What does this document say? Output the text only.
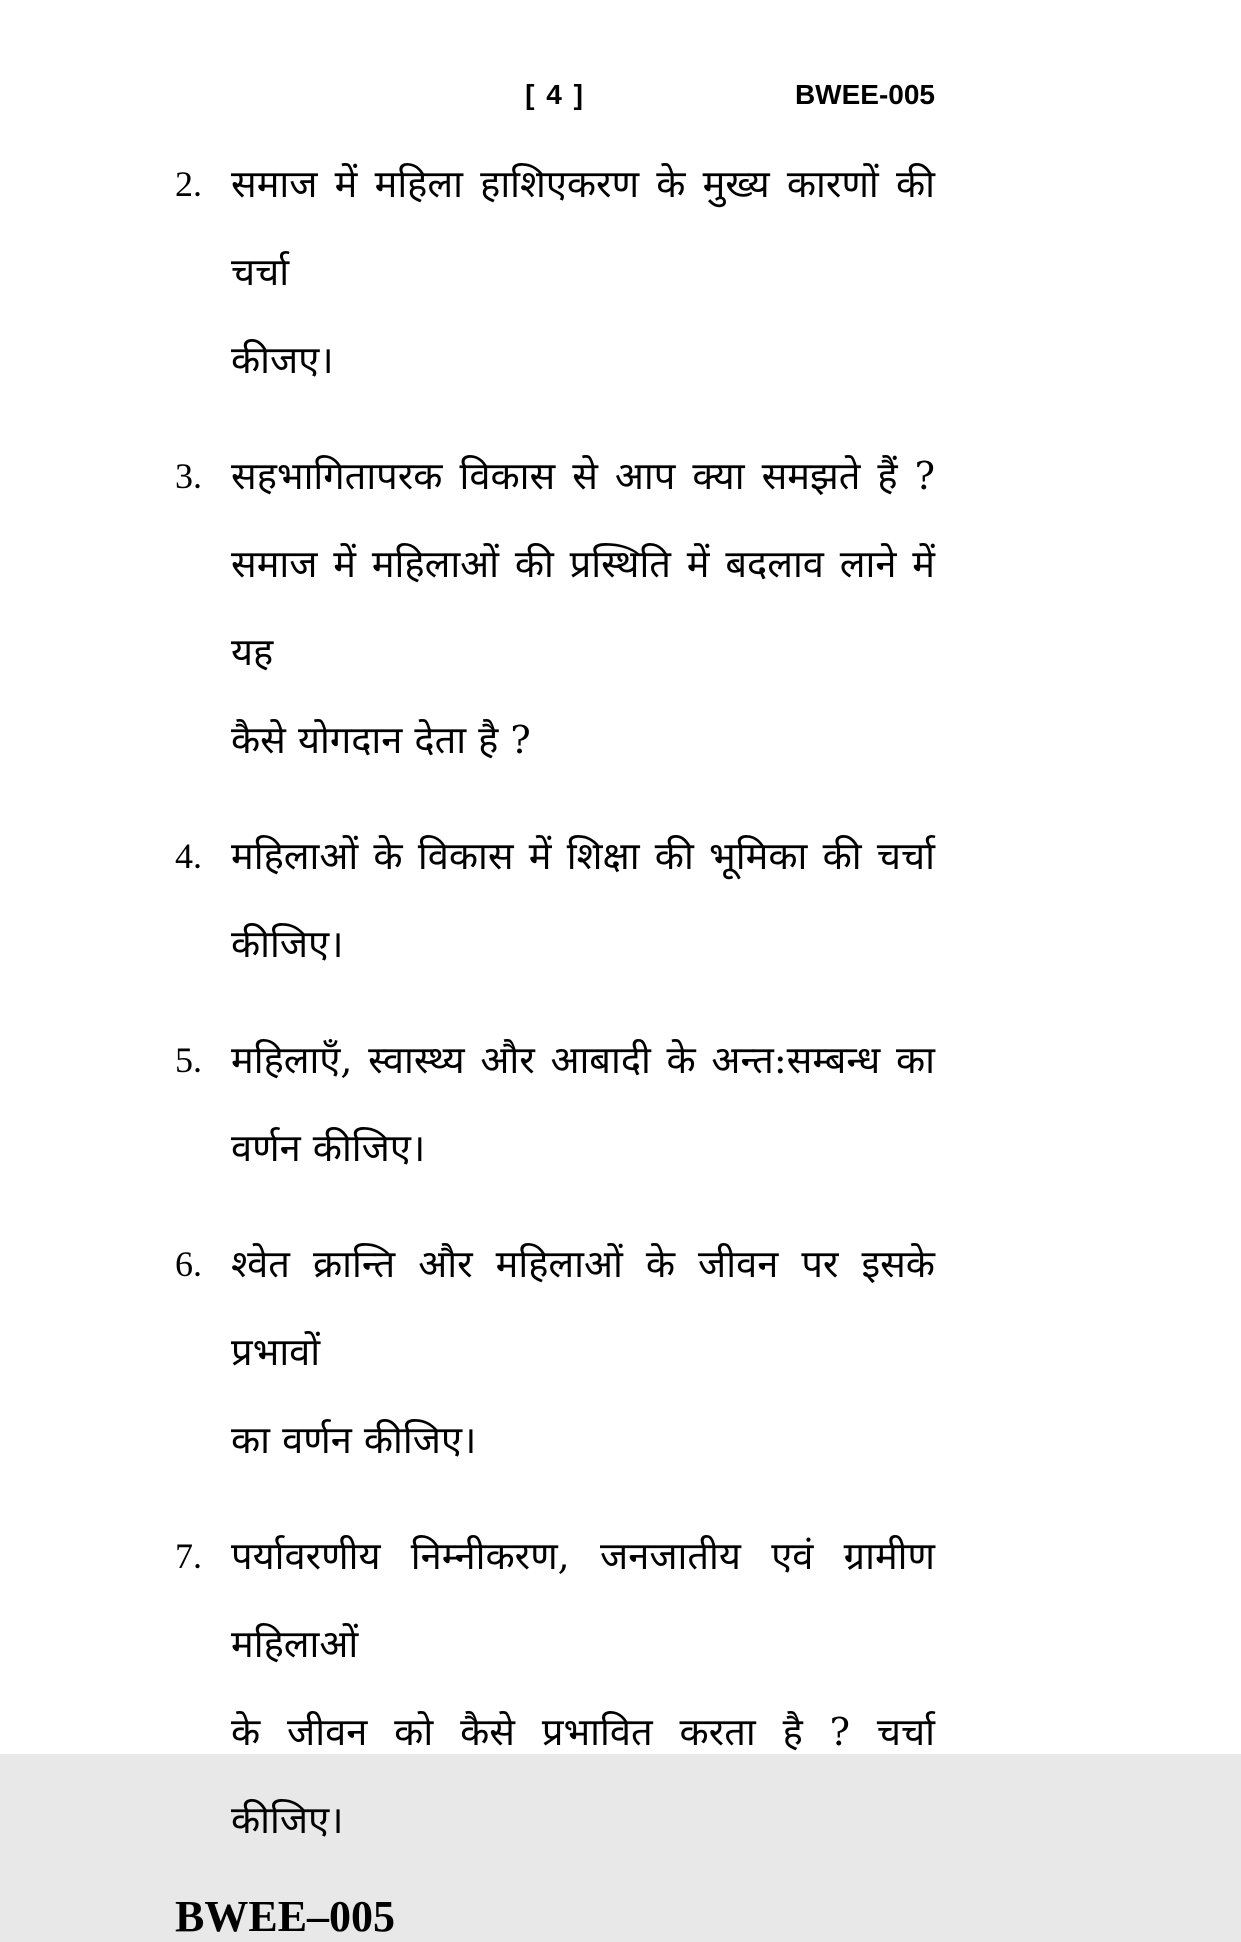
[ 4 ]	BWEE-005
2. समाज में महिला हाशिएकरण के मुख्य कारणों की चर्चा
कीजए।
3. सहभागितापरक विकास से आप क्या समझते हैं ?
समाज में महिलाओं की प्रस्थिति में बदलाव लाने में यह
कैसे योगदान देता है ?
4. महिलाओं के विकास में शिक्षा की भूमिका की चर्चा
कीजिए।
5. महिलाएँ, स्वास्थ्य और आबादी के अन्त:सम्बन्ध का
वर्णन कीजिए।
6. श्वेत क्रान्ति और महिलाओं के जीवन पर इसके प्रभावों
का वर्णन कीजिए।
7. पर्यावरणीय निम्नीकरण, जनजातीय एवं ग्रामीण महिलाओं
के जीवन को कैसे प्रभावित करता है ? चर्चा
कीजिए।
BWEE–005
